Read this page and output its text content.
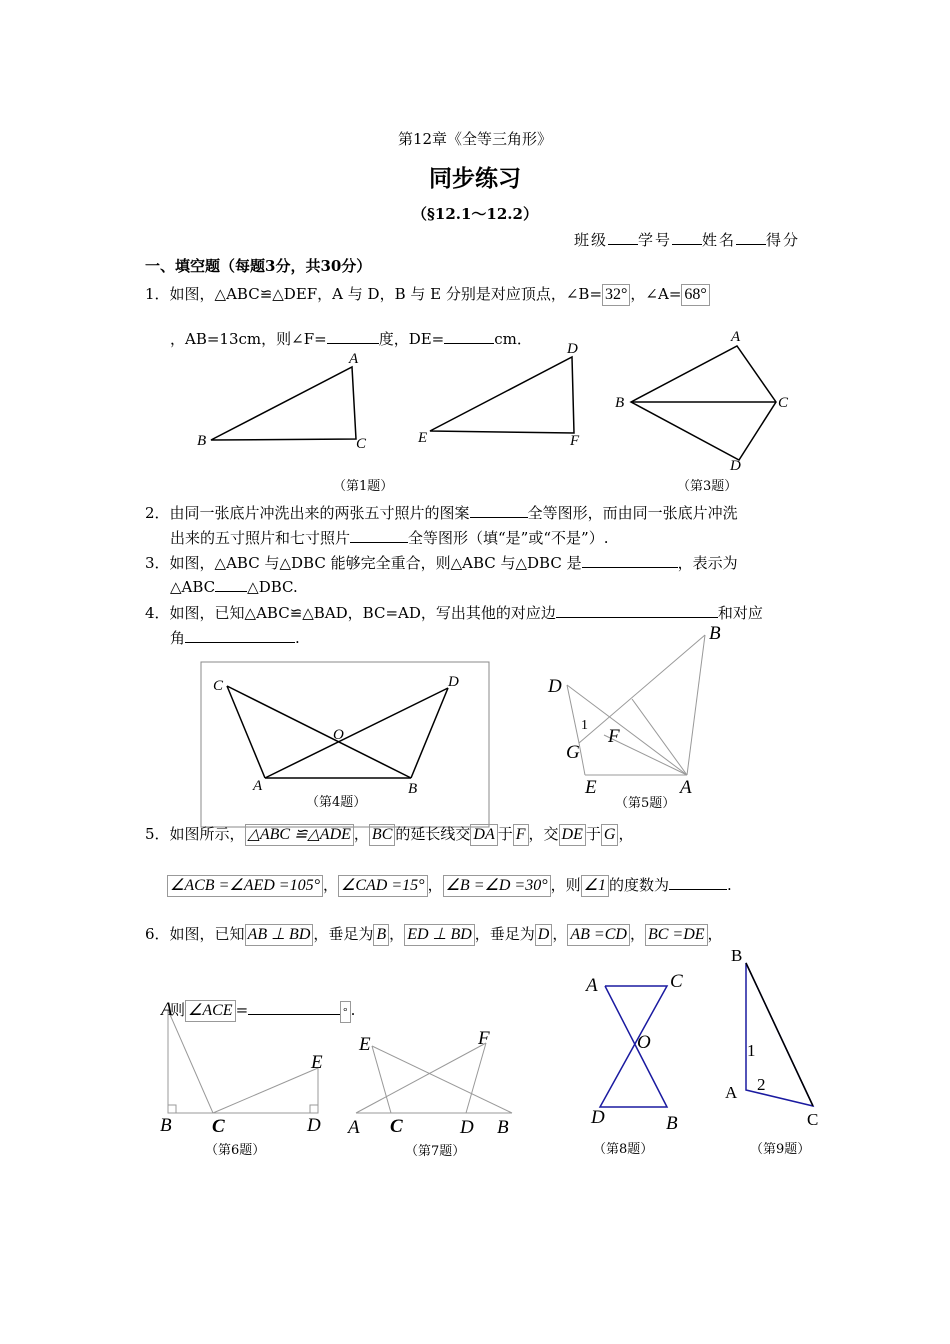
第12章《全等三角形》
同步练习
（§12.1～12.2）
班级 学号 姓名 得分
一、填空题（每题3分，共30分）
1．如图，△ABC≌△DEF，A 与 D，B 与 E 分别是对应顶点，∠B= 32° ，∠A= 68°
，AB=13cm，则∠F=	度，DE=	cm．
B
A
C	E
D
F
A
B	C
D
（第1题）	（第3题）
2．由同一张底片冲洗出来的两张五寸照片的图案	全等图形，而由同一张底片冲洗
出来的五寸照片和七寸照片	全等图形（填“是”或“不是”）.
3．如图，△ABC 与△DBC 能够完全重合，则△ABC 与△DBC 是	，表示为
△ABC △DBC.
4．如图，已知△ABC≌△BAD，BC=AD，写出其他的对应边	和对应
角	.
C	D
O
A	B
B
D
F
G
E	A
1
（第4题）	（第5题）
5．如图所示， △ABC ≌△ADE ， BC 的延长线交 DA 于 F ，交 DE 于 G ，
∠ACB =∠AED =105° ， ∠CAD =15° ， ∠B =∠D =30° ，则 ∠1 的度数为	.
6．如图，已知 AB ⊥ BD ，垂足为 B ， ED ⊥ BD ，垂足为 D ， AB =CD ， BC =DE ，
则 ∠ACE =	° .
A
B C	D
E
E	F
A C	D B
A	C
O
D	B
B
A
C
1
2
（第6题）	（第7题）	（第8题）	（第9题）
